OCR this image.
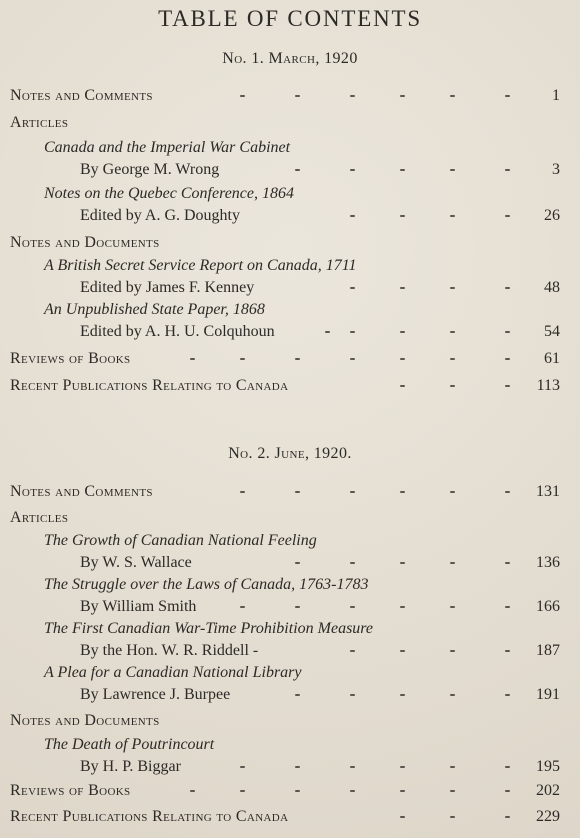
TABLE OF CONTENTS
No. 1. March, 1920
Notes and Comments	1
Articles
Canada and the Imperial War Cabinet
By George M. Wrong	3
Notes on the Quebec Conference, 1864
Edited by A. G. Doughty	26
Notes and Documents
A British Secret Service Report on Canada, 1711
Edited by James F. Kenney	48
An Unpublished State Paper, 1868
Edited by A. H. U. Colquhoun	54
Reviews of Books	61
Recent Publications Relating to Canada	113
No. 2. June, 1920.
Notes and Comments	131
Articles
The Growth of Canadian National Feeling
By W. S. Wallace	136
The Struggle over the Laws of Canada, 1763-1783
By William Smith	166
The First Canadian War-Time Prohibition Measure
By the Hon. W. R. Riddell -	187
A Plea for a Canadian National Library
By Lawrence J. Burpee	191
Notes and Documents
The Death of Poutrincourt
By H. P. Biggar	195
Reviews of Books	202
Recent Publications Relating to Canada	229
